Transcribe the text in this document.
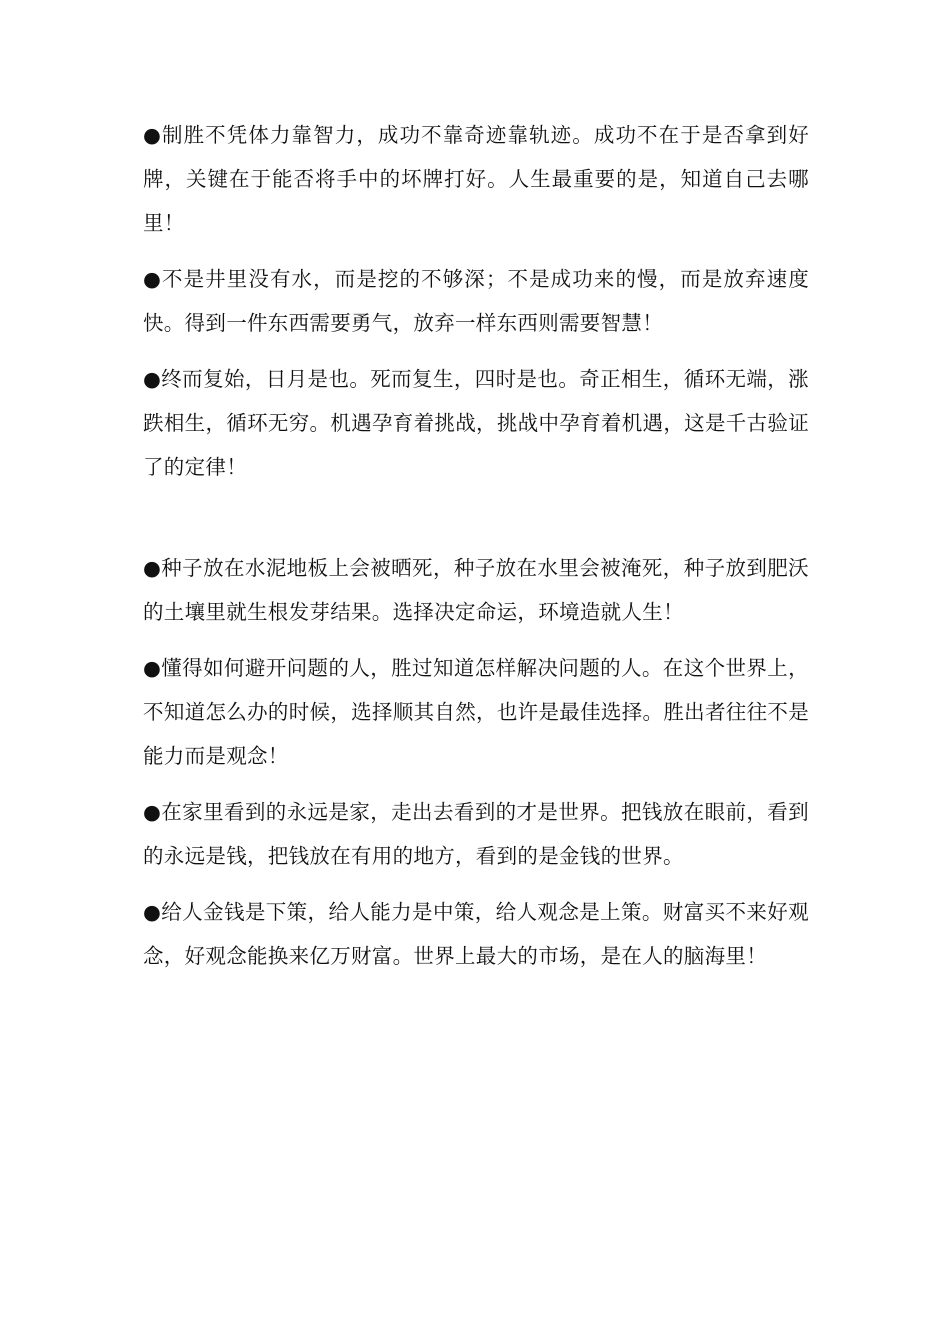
●制胜不凭体力靠智力，成功不靠奇迹靠轨迹。成功不在于是否拿到好牌，关键在于能否将手中的坏牌打好。人生最重要的是，知道自己去哪里！

●不是井里没有水，而是挖的不够深；不是成功来的慢，而是放弃速度快。得到一件东西需要勇气，放弃一样东西则需要智慧！

●终而复始，日月是也。死而复生，四时是也。奇正相生，循环无端，涨跌相生，循环无穷。机遇孕育着挑战，挑战中孕育着机遇，这是千古验证了的定律！

●种子放在水泥地板上会被晒死，种子放在水里会被淹死，种子放到肥沃的土壤里就生根发芽结果。选择决定命运，环境造就人生！

●懂得如何避开问题的人，胜过知道怎样解决问题的人。在这个世界上，不知道怎么办的时候，选择顺其自然，也许是最佳选择。胜出者往往不是能力而是观念！

●在家里看到的永远是家，走出去看到的才是世界。把钱放在眼前，看到的永远是钱，把钱放在有用的地方，看到的是金钱的世界。

●给人金钱是下策，给人能力是中策，给人观念是上策。财富买不来好观念，好观念能换来亿万财富。世界上最大的市场，是在人的脑海里！
